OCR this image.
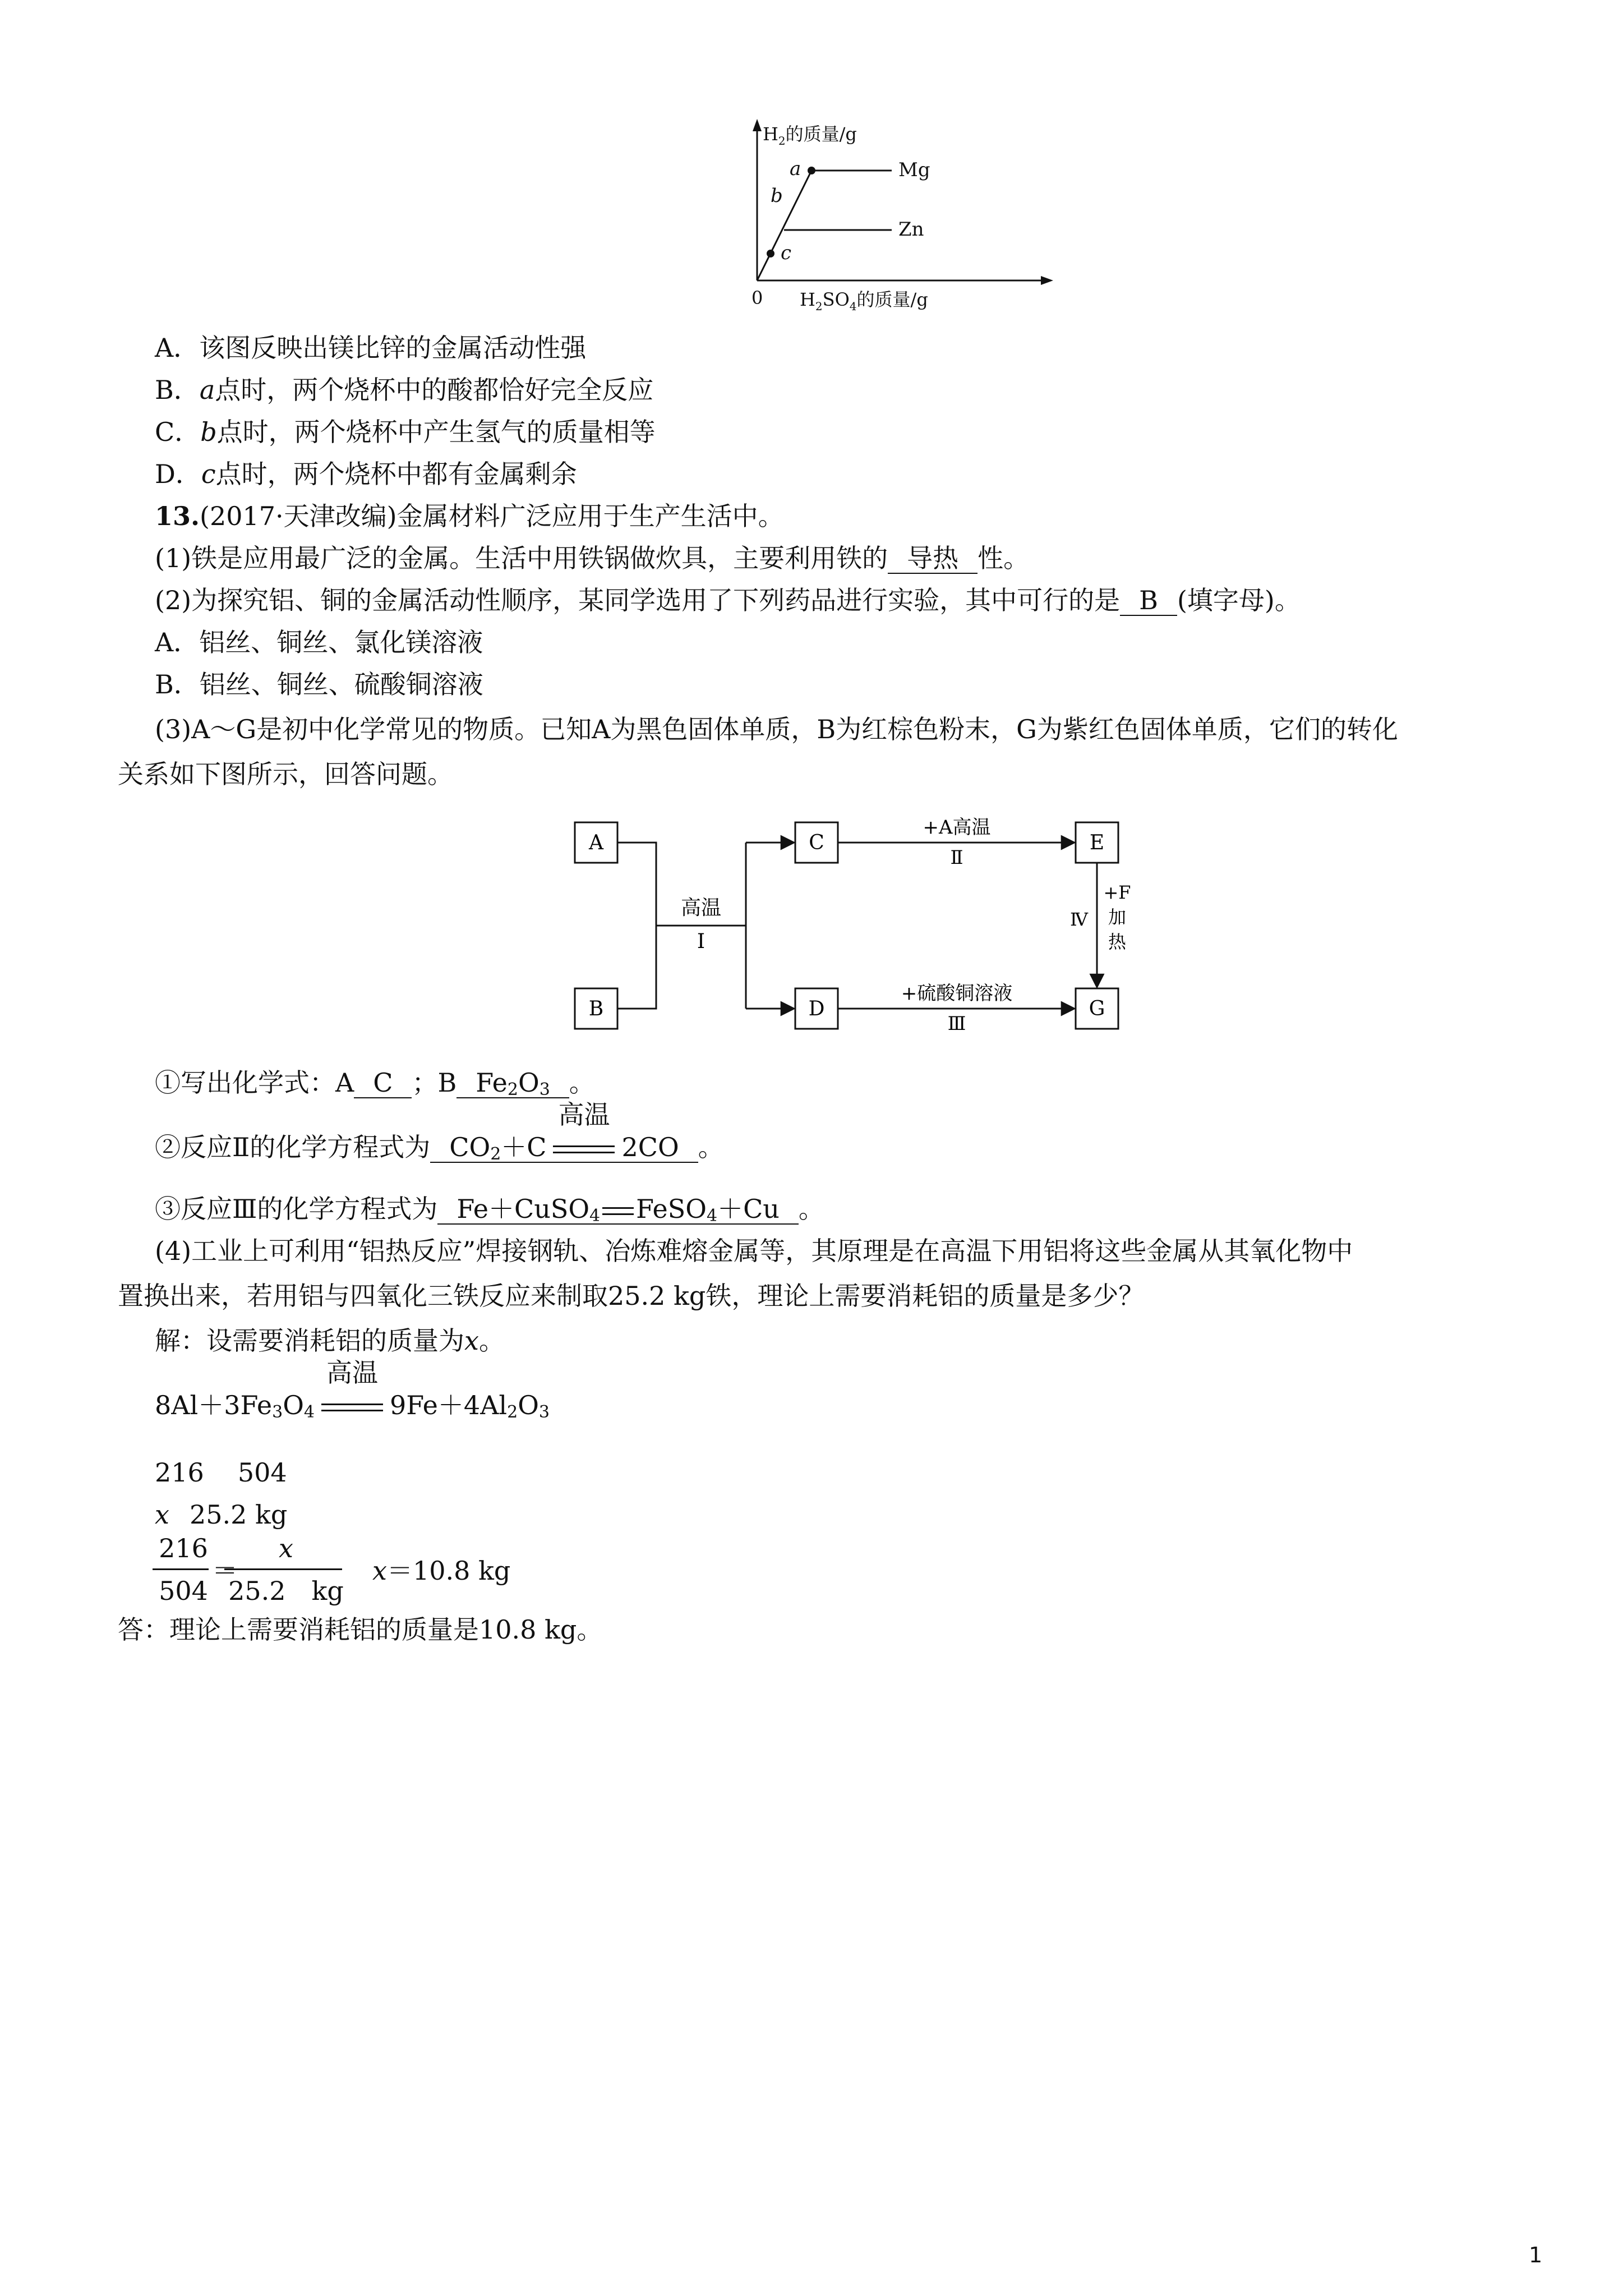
$H_2$的质量/g
a
b
c
Mg
Zn
0 $H_2SO_4$的质量/g
A．该图反映出镁比锌的金属活动性强
B．a点时，两个烧杯中的酸都恰好完全反应
C．b点时，两个烧杯中产生氢气的质量相等
D．c点时，两个烧杯中都有金属剩余
13.(2017·天津改编)金属材料广泛应用于生产生活中。
(1)铁是应用最广泛的金属。生活中用铁锅做炊具，主要利用铁的 导热 性。
(2)为探究铝、铜的金属活动性顺序，某同学选用了下列药品进行实验，其中可行的是 B (填字母)。
A．铝丝、铜丝、氯化镁溶液
B．铝丝、铜丝、硫酸铜溶液
(3)A～G是初中化学常见的物质。已知A为黑色固体单质，B为红棕色粉末，G为紫红色固体单质，它们的转化
关系如下图所示，回答问题。
A
B
C
D
E
G
高温
I
+A高温
Ⅱ
+硫酸铜溶液
Ⅲ
Ⅳ
+F
加
热
①写出化学式：A C ；B $Fe_2O_3$ 。
②反应Ⅱ的化学方程式为 $CO_2+C$
高温
2CO 。
③反应Ⅲ的化学方程式为 Fe＋CuSO$_4$ FeSO$_4$＋Cu 。
(4)工业上可利用“铝热反应”焊接钢轨、冶炼难熔金属等，其原理是在高温下用铝将这些金属从其氧化物中
置换出来，若用铝与四氧化三铁反应来制取25.2 kg铁，理论上需要消耗铝的质量是多少？
解：设需要消耗铝的质量为x。
$8Al+3Fe_3O_4$
高温
$9Fe+4Al_2O_3$
216 504
x 25.2 kg
216
504
＝
x
25.2　kg
x＝10.8 kg
答：理论上需要消耗铝的质量是10.8 kg。
1
